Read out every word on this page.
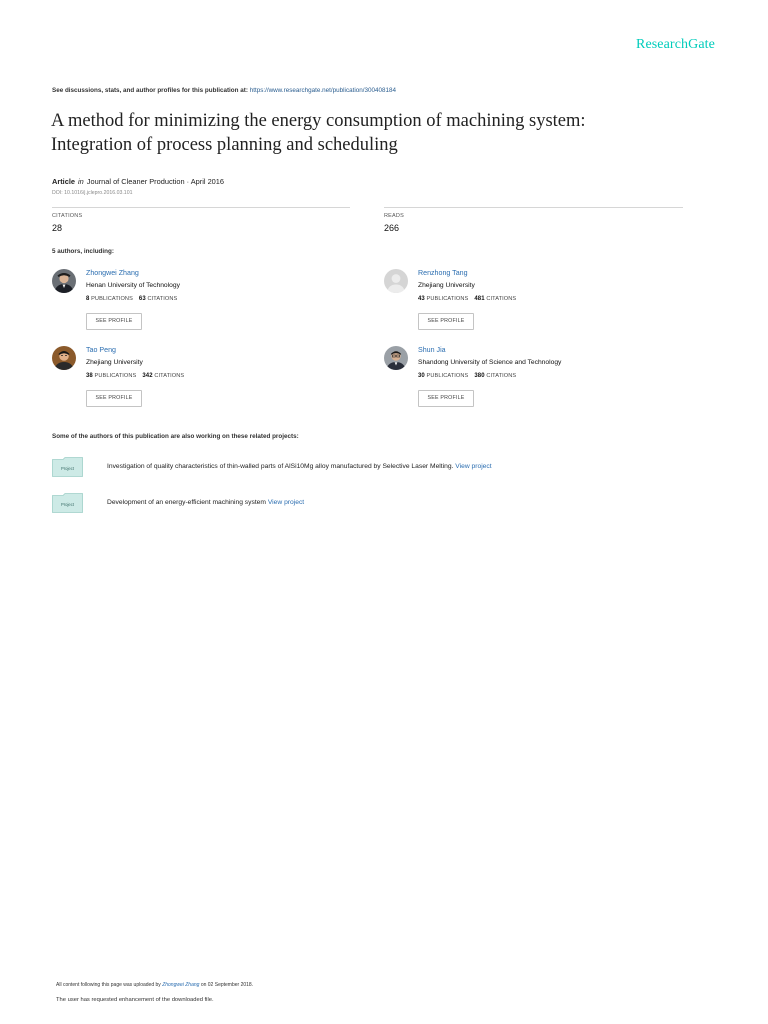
ResearchGate
See discussions, stats, and author profiles for this publication at: https://www.researchgate.net/publication/300408184
A method for minimizing the energy consumption of machining system:
Integration of process planning and scheduling
Article in Journal of Cleaner Production · April 2016
DOI: 10.1016/j.jclepro.2016.03.101
CITATIONS
28
READS
266
5 authors, including:
Zhongwei Zhang
Henan University of Technology
8 PUBLICATIONS 63 CITATIONS
SEE PROFILE
Renzhong Tang
Zhejiang University
43 PUBLICATIONS 481 CITATIONS
SEE PROFILE
Tao Peng
Zhejiang University
38 PUBLICATIONS 342 CITATIONS
SEE PROFILE
Shun Jia
Shandong University of Science and Technology
30 PUBLICATIONS 380 CITATIONS
SEE PROFILE
Some of the authors of this publication are also working on these related projects:
Project	Investigation of quality characteristics of thin-walled parts of AlSi10Mg alloy manufactured by Selective Laser Melting. View project
Project	Development of an energy-efficient machining system View project
All content following this page was uploaded by Zhongwei Zhang on 02 September 2018.
The user has requested enhancement of the downloaded file.
